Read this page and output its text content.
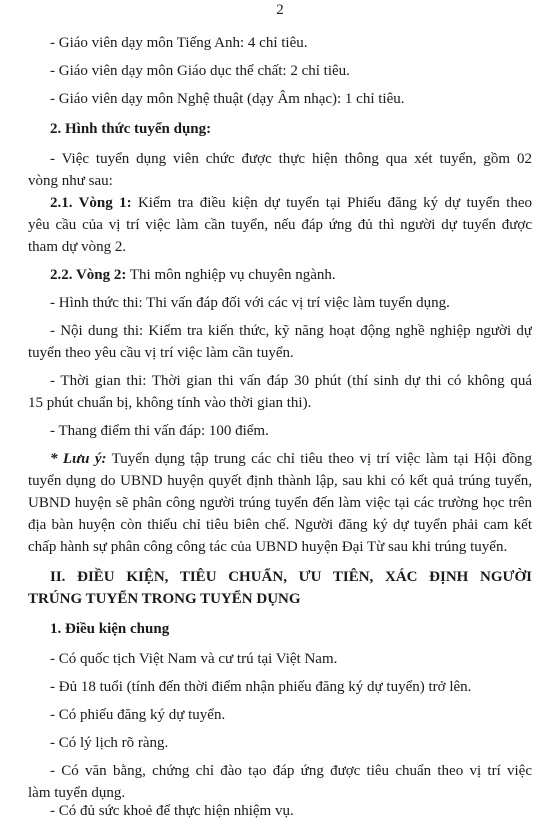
2
- Giáo viên dạy môn Tiếng Anh: 4 chỉ tiêu.
- Giáo viên dạy môn Giáo dục thể chất: 2 chỉ tiêu.
- Giáo viên dạy môn Nghệ thuật (dạy Âm nhạc): 1 chỉ tiêu.
2. Hình thức tuyển dụng:
- Việc tuyển dụng viên chức được thực hiện thông qua xét tuyển, gồm 02
vòng như sau:
2.1. Vòng 1: Kiểm tra điều kiện dự tuyển tại Phiếu đăng ký dự tuyển theo
yêu cầu của vị trí việc làm cần tuyển, nếu đáp ứng đủ thì người dự tuyển được
tham dự vòng 2.
2.2. Vòng 2: Thi môn nghiệp vụ chuyên ngành.
- Hình thức thi: Thi vấn đáp đối với các vị trí việc làm tuyển dụng.
- Nội dung thi: Kiểm tra kiến thức, kỹ năng hoạt động nghề nghiệp người dự
tuyển theo yêu cầu vị trí việc làm cần tuyển.
- Thời gian thi: Thời gian thi vấn đáp 30 phút (thí sinh dự thi có không quá
15 phút chuẩn bị, không tính vào thời gian thi).
- Thang điểm thi vấn đáp: 100 điểm.
* Lưu ý: Tuyển dụng tập trung các chỉ tiêu theo vị trí việc làm tại Hội đồng
tuyển dụng do UBND huyện quyết định thành lập, sau khi có kết quả trúng tuyển,
UBND huyện sẽ phân công người trúng tuyển đến làm việc tại các trường học trên
địa bàn huyện còn thiếu chỉ tiêu biên chế. Người đăng ký dự tuyển phải cam kết
chấp hành sự phân công công tác của UBND huyện Đại Từ sau khi trúng tuyển.
II. ĐIỀU KIỆN, TIÊU CHUẨN, ƯU TIÊN, XÁC ĐỊNH NGƯỜI
TRÚNG TUYỂN TRONG TUYỂN DỤNG
1. Điều kiện chung
- Có quốc tịch Việt Nam và cư trú tại Việt Nam.
- Đủ 18 tuổi (tính đến thời điểm nhận phiếu đăng ký dự tuyển) trở lên.
- Có phiếu đăng ký dự tuyển.
- Có lý lịch rõ ràng.
- Có văn bằng, chứng chỉ đào tạo đáp ứng được tiêu chuẩn theo vị trí việc
làm tuyển dụng.
- Có đủ sức khoẻ để thực hiện nhiệm vụ.
